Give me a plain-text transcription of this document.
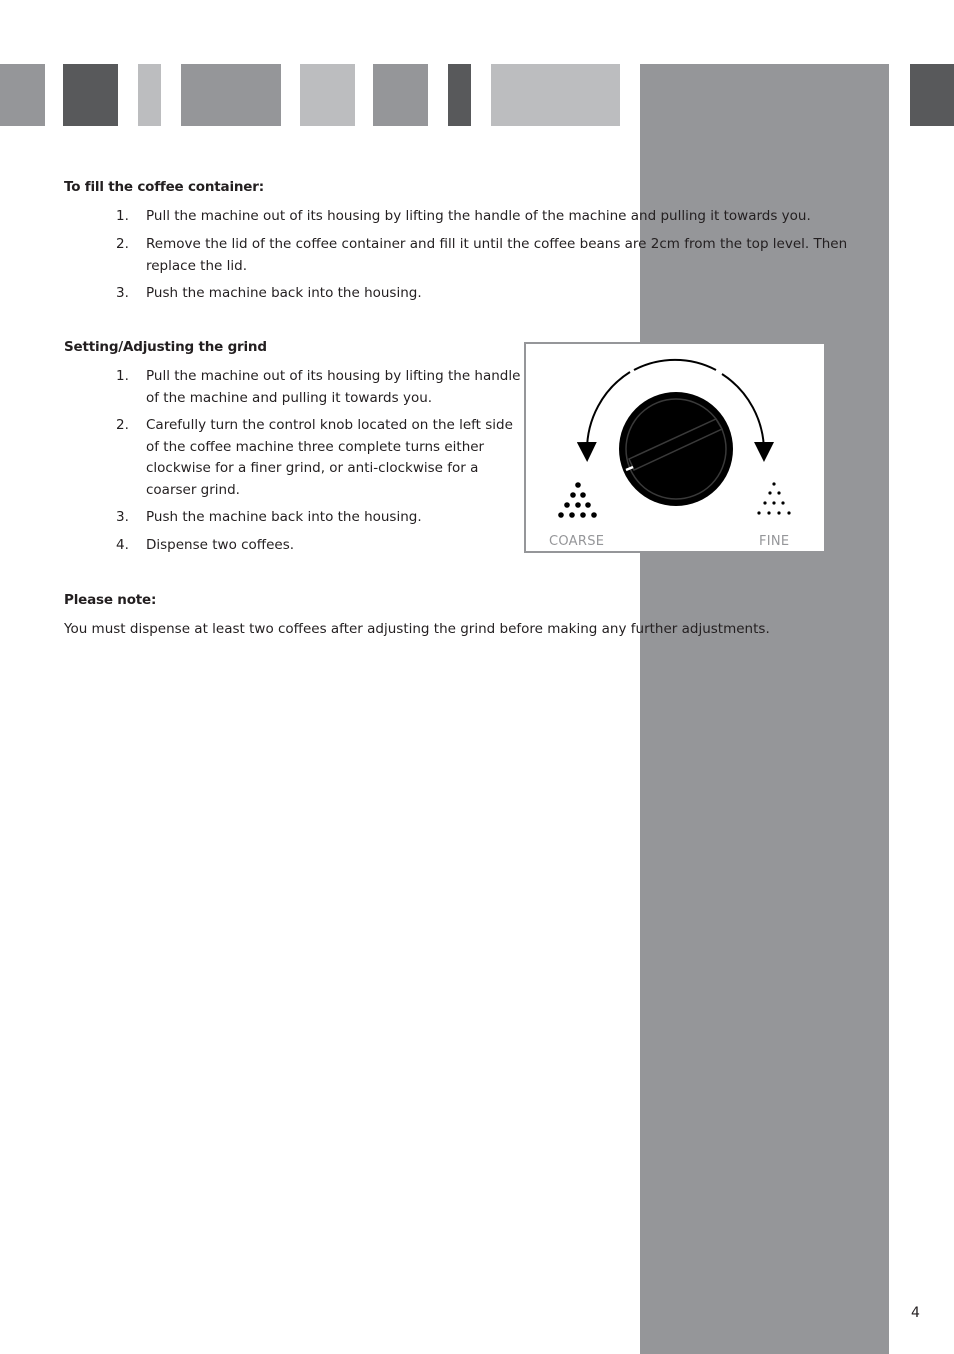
To fill the coffee container:
1. Pull the machine out of its housing by lifting the handle of the machine and pulling it towards you.
2. Remove the lid of the coffee container and fill it until the coffee beans are 2cm from the top level. Then
replace the lid.
3. Push the machine back into the housing.
Setting/Adjusting the grind
1. Pull the machine out of its housing by lifting the handle
of the machine and pulling it towards you.
2. Carefully turn the control knob located on the left side
of the coffee machine three complete turns either
clockwise for a finer grind, or anti-clockwise for a
coarser grind.
3. Push the machine back into the housing.
4. Dispense two coffees.	COARSE	FINE
Please note:
You must dispense at least two coffees after adjusting the grind before making any further adjustments.
4
